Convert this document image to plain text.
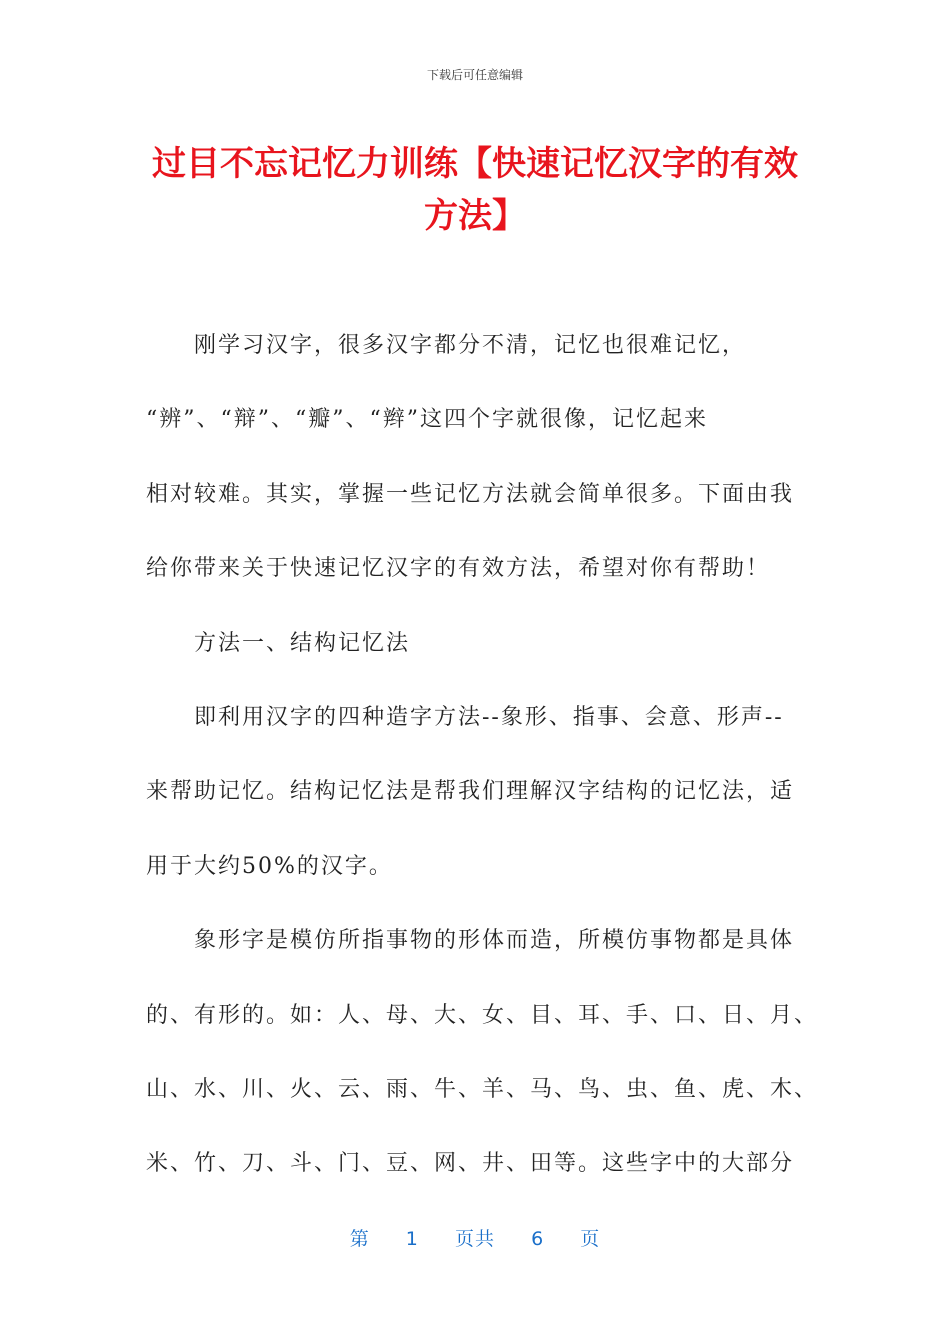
下载后可任意编辑
过目不忘记忆力训练【快速记忆汉字的有效
方法】
刚学习汉字，很多汉字都分不清，记忆也很难记忆，
“辨”、“辩”、“瓣”、“辫”这四个字就很像，记忆起来
相对较难。其实，掌握一些记忆方法就会简单很多。下面由我
给你带来关于快速记忆汉字的有效方法，希望对你有帮助！
方法一、结构记忆法
即利用汉字的四种造字方法--象形、指事、会意、形声--
来帮助记忆。结构记忆法是帮我们理解汉字结构的记忆法，适
用于大约50%的汉字。
象形字是模仿所指事物的形体而造，所模仿事物都是具体
的、有形的。如：人、母、大、女、目、耳、手、口、日、月、
山、水、川、火、云、雨、牛、羊、马、鸟、虫、鱼、虎、木、
米、竹、刀、斗、门、豆、网、井、田等。这些字中的大部分
第 1 页共 6 页
